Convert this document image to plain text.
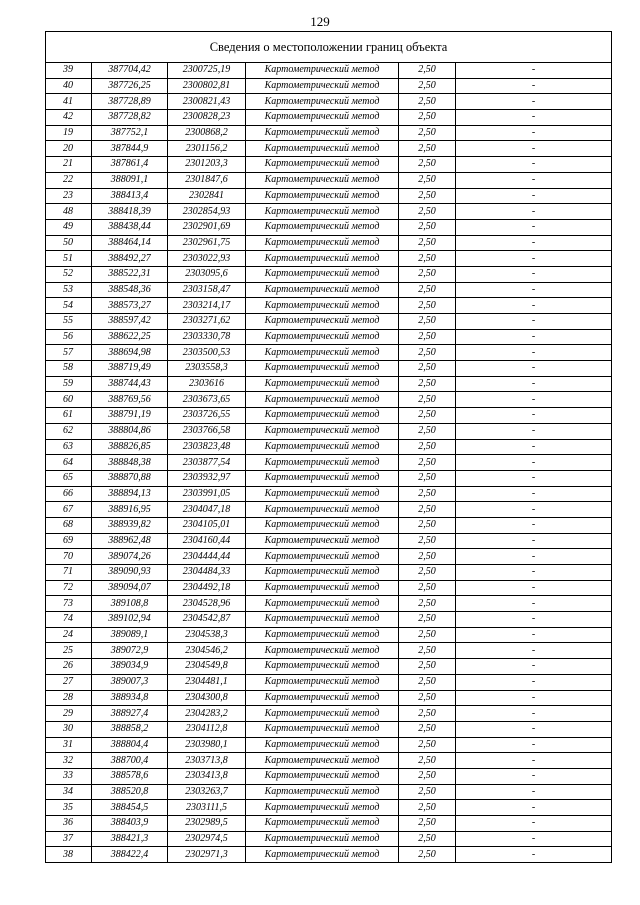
129
Сведения о местоположении границ объекта					
39	387704,42	2300725,19	Картометрический метод	2,50	-
40	387726,25	2300802,81	Картометрический метод	2,50	-
41	387728,89	2300821,43	Картометрический метод	2,50	-
42	387728,82	2300828,23	Картометрический метод	2,50	-
19	387752,1	2300868,2	Картометрический метод	2,50	-
20	387844,9	2301156,2	Картометрический метод	2,50	-
21	387861,4	2301203,3	Картометрический метод	2,50	-
22	388091,1	2301847,6	Картометрический метод	2,50	-
23	388413,4	2302841	Картометрический метод	2,50	-
48	388418,39	2302854,93	Картометрический метод	2,50	-
49	388438,44	2302901,69	Картометрический метод	2,50	-
50	388464,14	2302961,75	Картометрический метод	2,50	-
51	388492,27	2303022,93	Картометрический метод	2,50	-
52	388522,31	2303095,6	Картометрический метод	2,50	-
53	388548,36	2303158,47	Картометрический метод	2,50	-
54	388573,27	2303214,17	Картометрический метод	2,50	-
55	388597,42	2303271,62	Картометрический метод	2,50	-
56	388622,25	2303330,78	Картометрический метод	2,50	-
57	388694,98	2303500,53	Картометрический метод	2,50	-
58	388719,49	2303558,3	Картометрический метод	2,50	-
59	388744,43	2303616	Картометрический метод	2,50	-
60	388769,56	2303673,65	Картометрический метод	2,50	-
61	388791,19	2303726,55	Картометрический метод	2,50	-
62	388804,86	2303766,58	Картометрический метод	2,50	-
63	388826,85	2303823,48	Картометрический метод	2,50	-
64	388848,38	2303877,54	Картометрический метод	2,50	-
65	388870,88	2303932,97	Картометрический метод	2,50	-
66	388894,13	2303991,05	Картометрический метод	2,50	-
67	388916,95	2304047,18	Картометрический метод	2,50	-
68	388939,82	2304105,01	Картометрический метод	2,50	-
69	388962,48	2304160,44	Картометрический метод	2,50	-
70	389074,26	2304444,44	Картометрический метод	2,50	-
71	389090,93	2304484,33	Картометрический метод	2,50	-
72	389094,07	2304492,18	Картометрический метод	2,50	-
73	389108,8	2304528,96	Картометрический метод	2,50	-
74	389102,94	2304542,87	Картометрический метод	2,50	-
24	389089,1	2304538,3	Картометрический метод	2,50	-
25	389072,9	2304546,2	Картометрический метод	2,50	-
26	389034,9	2304549,8	Картометрический метод	2,50	-
27	389007,3	2304481,1	Картометрический метод	2,50	-
28	388934,8	2304300,8	Картометрический метод	2,50	-
29	388927,4	2304283,2	Картометрический метод	2,50	-
30	388858,2	2304112,8	Картометрический метод	2,50	-
31	388804,4	2303980,1	Картометрический метод	2,50	-
32	388700,4	2303713,8	Картометрический метод	2,50	-
33	388578,6	2303413,8	Картометрический метод	2,50	-
34	388520,8	2303263,7	Картометрический метод	2,50	-
35	388454,5	2303111,5	Картометрический метод	2,50	-
36	388403,9	2302989,5	Картометрический метод	2,50	-
37	388421,3	2302974,5	Картометрический метод	2,50	-
38	388422,4	2302971,3	Картометрический метод	2,50	-
